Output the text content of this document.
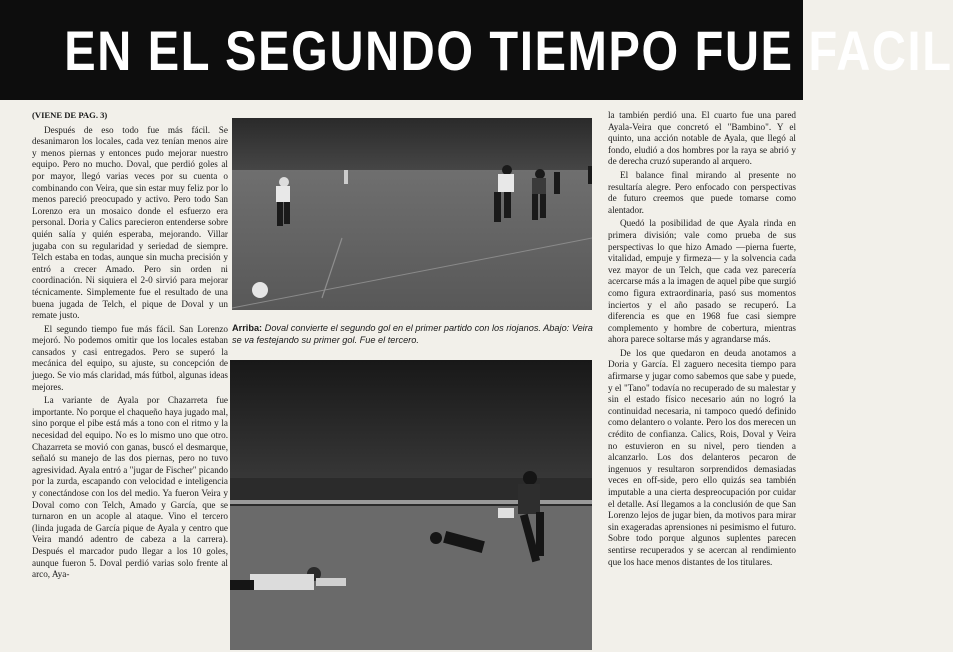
EN EL SEGUNDO TIEMPO FUE FACIL

(VIENE DE PAG. 3)

Después de eso todo fue más fácil. Se desanimaron los locales, cada vez tenían menos aire y menos piernas y entonces pudo mejorar nuestro equipo. Pero no mucho. Doval, que perdió goles al por mayor, llegó varias veces por su cuenta o combinando con Veira, que sin estar muy feliz por lo menos pareció preocupado y activo. Pero todo San Lorenzo era un mosaico donde el esfuerzo era personal. Doria y Calics parecieron entenderse sobre quién salía y quién esperaba, mejorando. Villar jugaba con su regularidad y seriedad de siempre. Telch estaba en todas, aunque sin mucha precisión y entró a crecer Amado. Pero sin orden ni coordinación. Ni siquiera el 2-0 sirvió para mejorar técnicamente. Simplemente fue el resultado de una buena jugada de Telch, el pique de Doval y un remate justo.

El segundo tiempo fue más fácil. San Lorenzo mejoró. No podemos omitir que los locales estaban cansados y casi entregados. Pero se superó la mecánica del equipo, su ajuste, su concepción de juego. Se vio más claridad, más fútbol, algunas ideas mejores.

La variante de Ayala por Chazarreta fue importante. No porque el chaqueño haya jugado mal, sino porque el pibe está más a tono con el ritmo y la necesidad del equipo. No es lo mismo uno que otro. Chazarreta se movió con ganas, buscó el desmarque, señaló su manejo de las dos piernas, pero no tuvo agresividad. Ayala entró a "jugar de Fischer" picando por la zurda, escapando con velocidad e inteligencia y conectándose con los del medio. Ya fueron Veira y Doval como con Telch, Amado y García, que se turnaron en un acople al ataque. Vino el tercero (linda jugada de García pique de Ayala y centro que Veira mandó adentro de cabeza a la carrera). Después el marcador pudo llegar a los 10 goles, aunque fueron 5. Doval perdió varias solo frente al arco, Aya-

Arriba: Doval convierte el segundo gol en el primer partido con los riojanos. Abajo: Veira se va festejando su primer gol. Fue el tercero.

la también perdió una. El cuarto fue una pared Ayala-Veira que concretó el "Bambino". Y el quinto, una acción notable de Ayala, que llegó al fondo, eludió a dos hombres por la raya se abrió y de derecha cruzó superando al arquero.

El balance final mirando al presente no resultaría alegre. Pero enfocado con perspectivas de futuro creemos que puede tomarse como alentador.

Quedó la posibilidad de que Ayala rinda en primera división; vale como prueba de sus perspectivas lo que hizo Amado —pierna fuerte, vitalidad, empuje y firmeza— y la solvencia cada vez mayor de un Telch, que cada vez parecería acercarse más a la imagen de aquel pibe que surgió como figura extraordinaria, pasó sus momentos inciertos y el año pasado se recuperó. La diferencia es que en 1968 fue casi siempre complemento y hombre de cobertura, mientras ahora parece soltarse más y agrandarse más.

De los que quedaron en deuda anotamos a Doria y García. El zaguero necesita tiempo para afirmarse y jugar como sabemos que sabe y puede, y el "Tano" todavía no recuperado de su malestar y sin el estado físico necesario aún no logró la continuidad necesaria, ni tampoco quedó definido como delantero o volante. Pero los dos merecen un crédito de confianza. Calics, Rois, Doval y Veira no estuvieron en su nivel, pero tienden a alcanzarlo. Los dos delanteros pecaron de ingenuos y resultaron sorprendidos demasiadas veces en off-side, pero ello quizás sea también imputable a una cierta despreocupación por cuidar el detalle. Así llegamos a la conclusión de que San Lorenzo lejos de jugar bien, da motivos para mirar sin exageradas aprensiones ni pesimismo el futuro. Sobre todo porque algunos suplentes parecen sentirse recuperados y se acercan al rendimiento que los hace menos distantes de los titulares.
